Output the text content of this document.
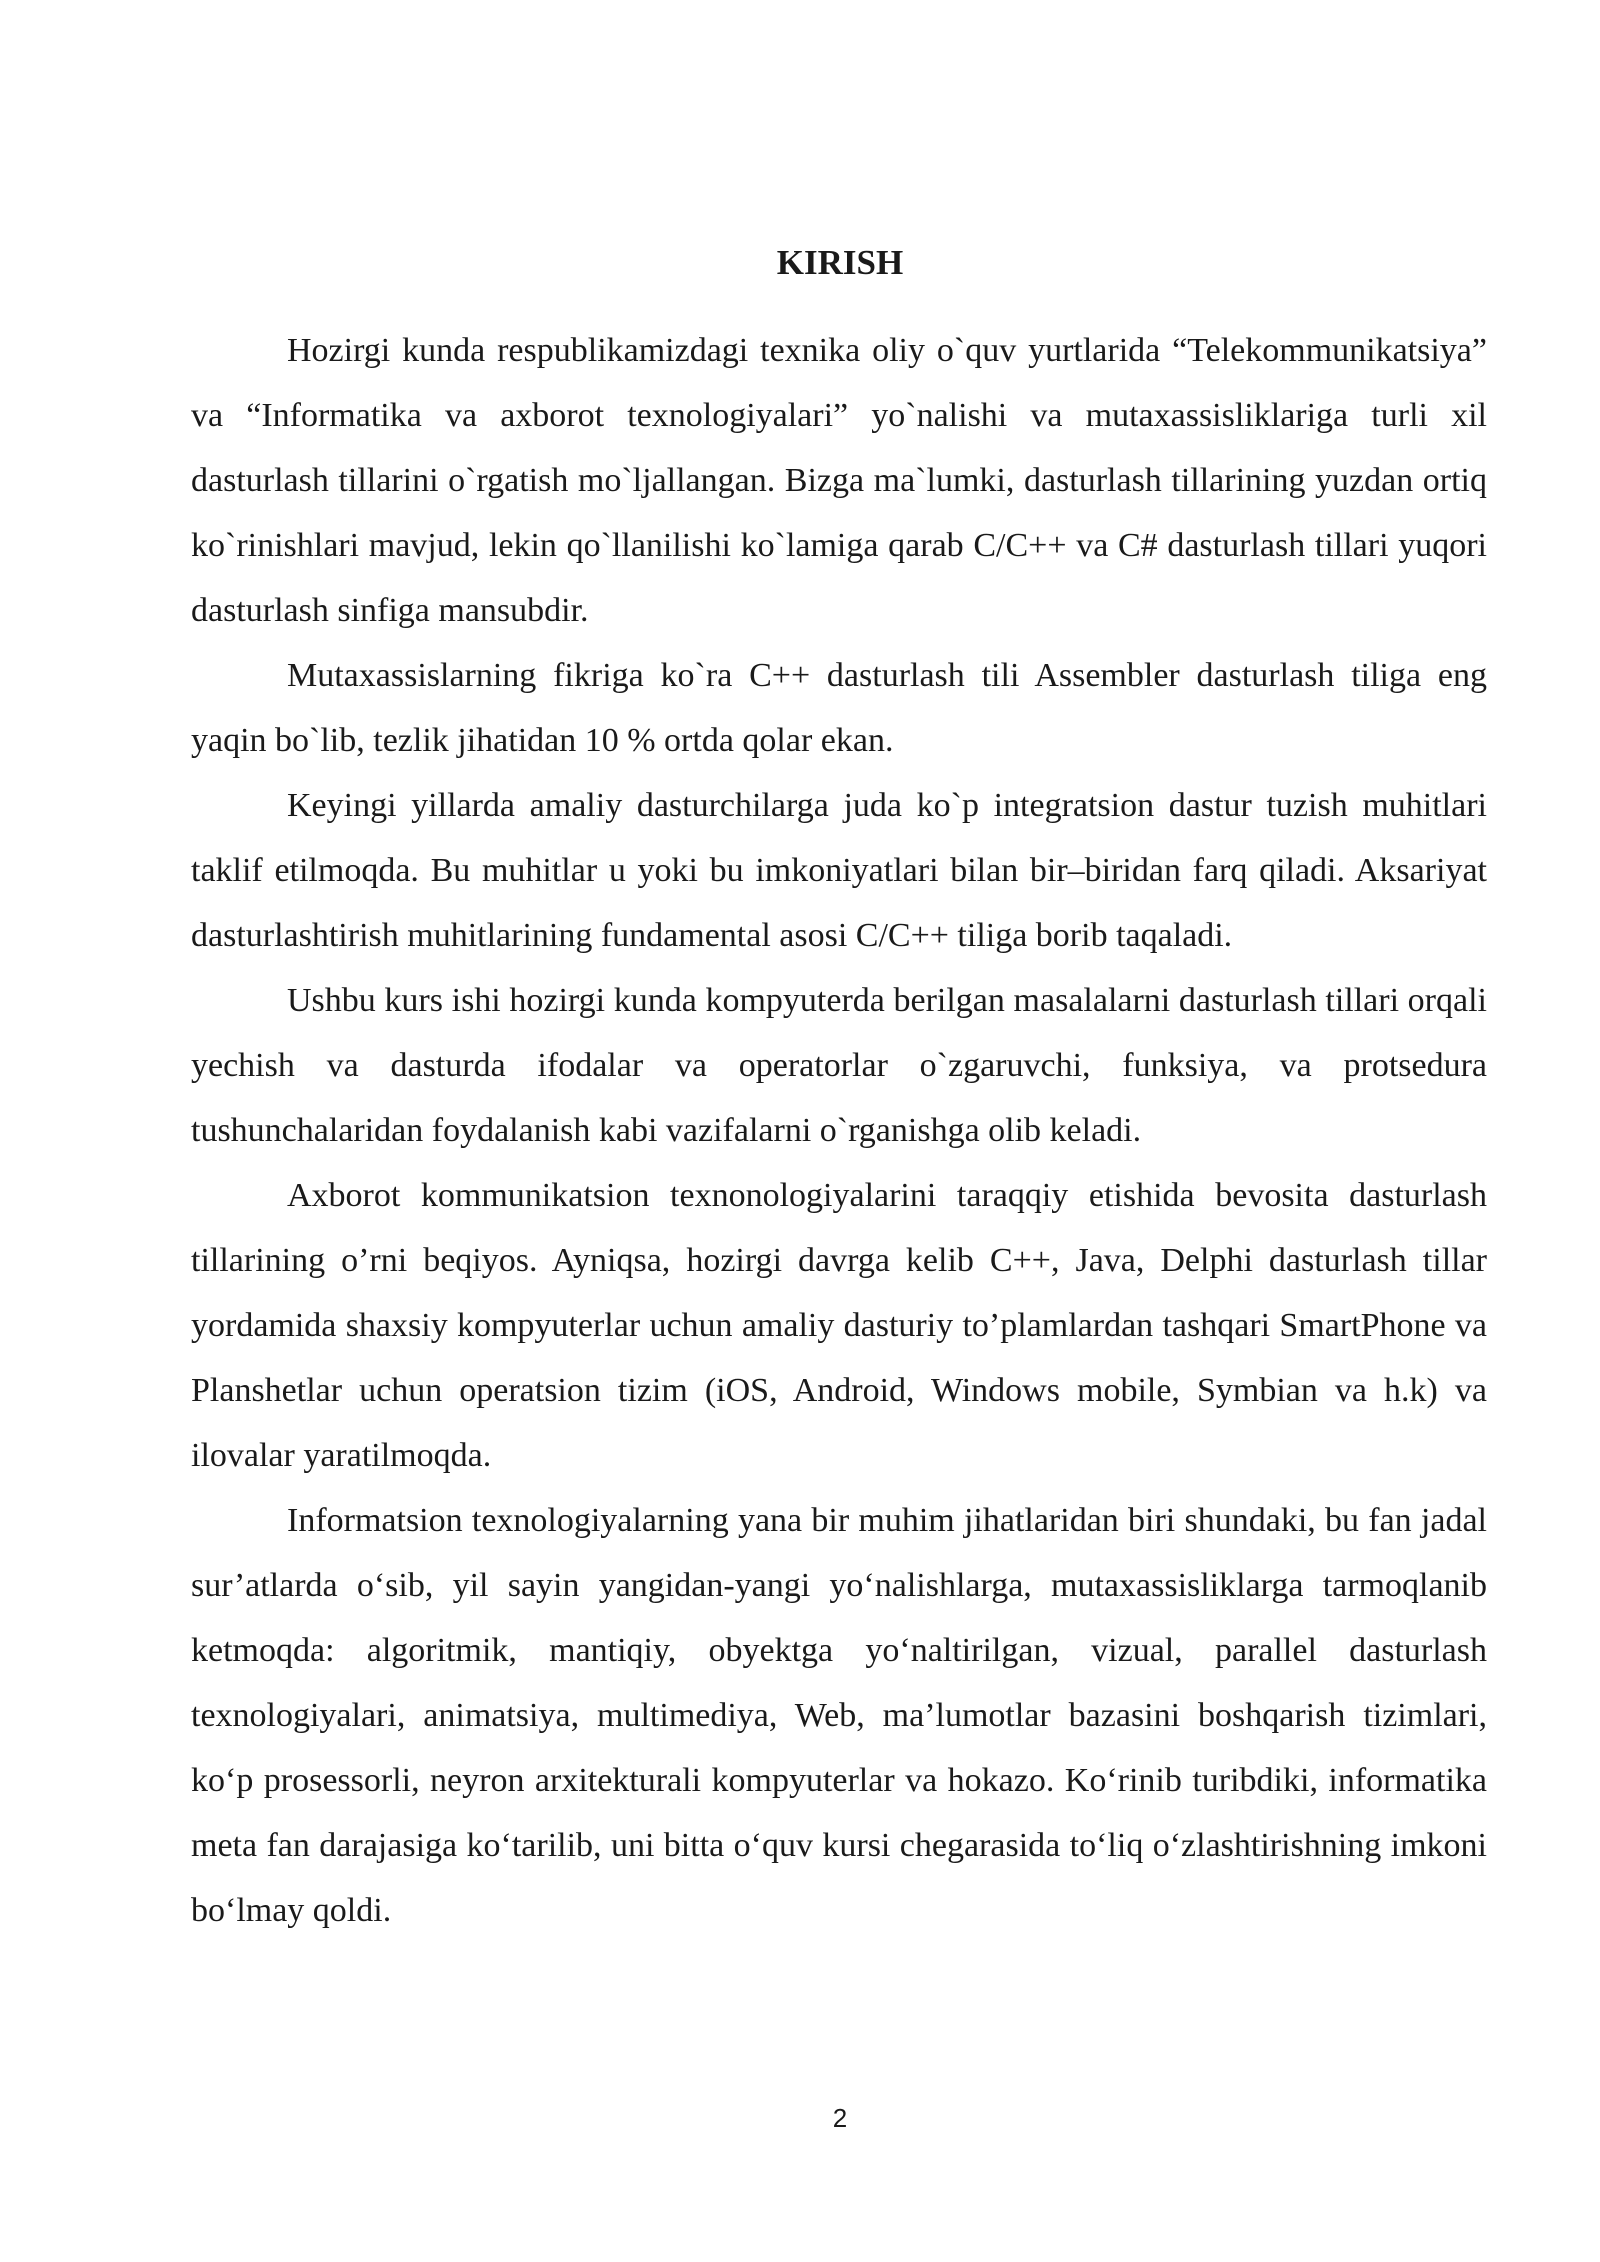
KIRISH

Hozirgi kunda respublikamizdagi texnika oliy o`quv yurtlarida “Telekommunikatsiya” va “Informatika va axborot texnologiyalari” yo`nalishi va mutaxassisliklariga turli xil dasturlash tillarini o`rgatish mo`ljallangan. Bizga ma`lumki, dasturlash tillarining yuzdan ortiq ko`rinishlari mavjud, lekin qo`llanilishi ko`lamiga qarab C/C++ va C# dasturlash tillari yuqori dasturlash sinfiga mansubdir.

Mutaxassislarning fikriga ko`ra C++ dasturlash tili Assembler dasturlash tiliga eng yaqin bo`lib, tezlik jihatidan 10 % ortda qolar ekan.

Keyingi yillarda amaliy dasturchilarga juda ko`p integratsion dastur tuzish muhitlari taklif etilmoqda. Bu muhitlar u yoki bu imkoniyatlari bilan bir–biridan farq qiladi. Aksariyat dasturlashtirish muhitlarining fundamental asosi C/C++ tiliga borib taqaladi.

Ushbu kurs ishi hozirgi kunda kompyuterda berilgan masalalarni dasturlash tillari orqali yechish va dasturda ifodalar va operatorlar o`zgaruvchi, funksiya, va protsedura tushunchalaridan foydalanish kabi vazifalarni o`rganishga olib keladi.

Axborot kommunikatsion texnonologiyalarini taraqqiy etishida bevosita dasturlash tillarining o’rni beqiyos. Ayniqsa, hozirgi davrga kelib C++, Java, Delphi dasturlash tillar yordamida shaxsiy kompyuterlar uchun amaliy dasturiy to’plamlardan tashqari SmartPhone va Planshetlar uchun operatsion tizim (iOS, Android, Windows mobile, Symbian va h.k) va ilovalar yaratilmoqda.

Informatsion texnologiyalarning yana bir muhim jihatlaridan biri shundaki, bu fan jadal sur’atlarda o‘sib, yil sayin yangidan-yangi yo‘nalishlarga, mutaxassisliklarga tarmoqlanib ketmoqda: algoritmik, mantiqiy, obyektga yo‘naltirilgan, vizual, parallel dasturlash texnologiyalari, animatsiya, multimediya, Web, ma’lumotlar bazasini boshqarish tizimlari, ko‘p prosessorli, neyron arxitekturali kompyuterlar va hokazo. Ko‘rinib turibdiki, informatika meta fan darajasiga ko‘tarilib, uni bitta o‘quv kursi chegarasida to‘liq o‘zlashtirishning imkoni bo‘lmay qoldi.

2
